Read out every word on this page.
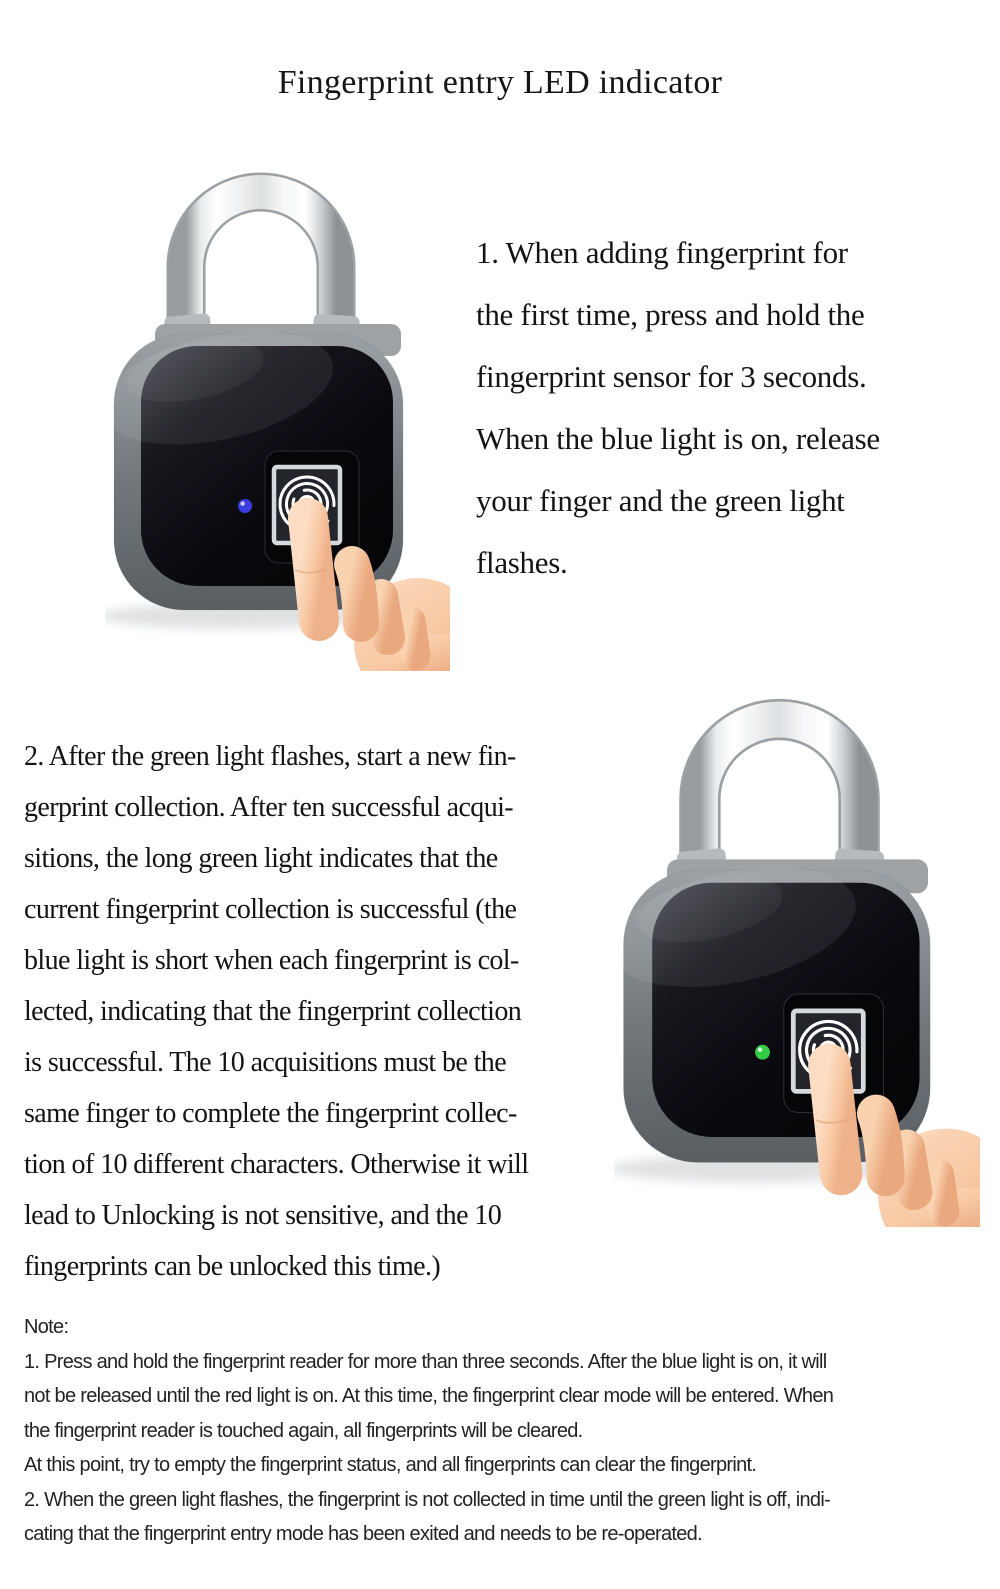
Fingerprint entry LED indicator
1. When adding fingerprint for
the first time, press and hold the
fingerprint sensor for 3 seconds.
When the blue light is on, release
your finger and the green light
flashes.
2. After the green light flashes, start a new fin-
gerprint collection. After ten successful acqui-
sitions, the long green light indicates that the
current fingerprint collection is successful (the
blue light is short when each fingerprint is col-
lected, indicating that the fingerprint collection
is successful. The 10 acquisitions must be the
same finger to complete the fingerprint collec-
tion of 10 different characters. Otherwise it will
lead to Unlocking is not sensitive, and the 10
fingerprints can be unlocked this time.)
Note:
1. Press and hold the fingerprint reader for more than three seconds. After the blue light is on, it will
not be released until the red light is on. At this time, the fingerprint clear mode will be entered. When
the fingerprint reader is touched again, all fingerprints will be cleared.
At this point, try to empty the fingerprint status, and all fingerprints can clear the fingerprint.
2. When the green light flashes, the fingerprint is not collected in time until the green light is off, indi-
cating that the fingerprint entry mode has been exited and needs to be re-operated.
